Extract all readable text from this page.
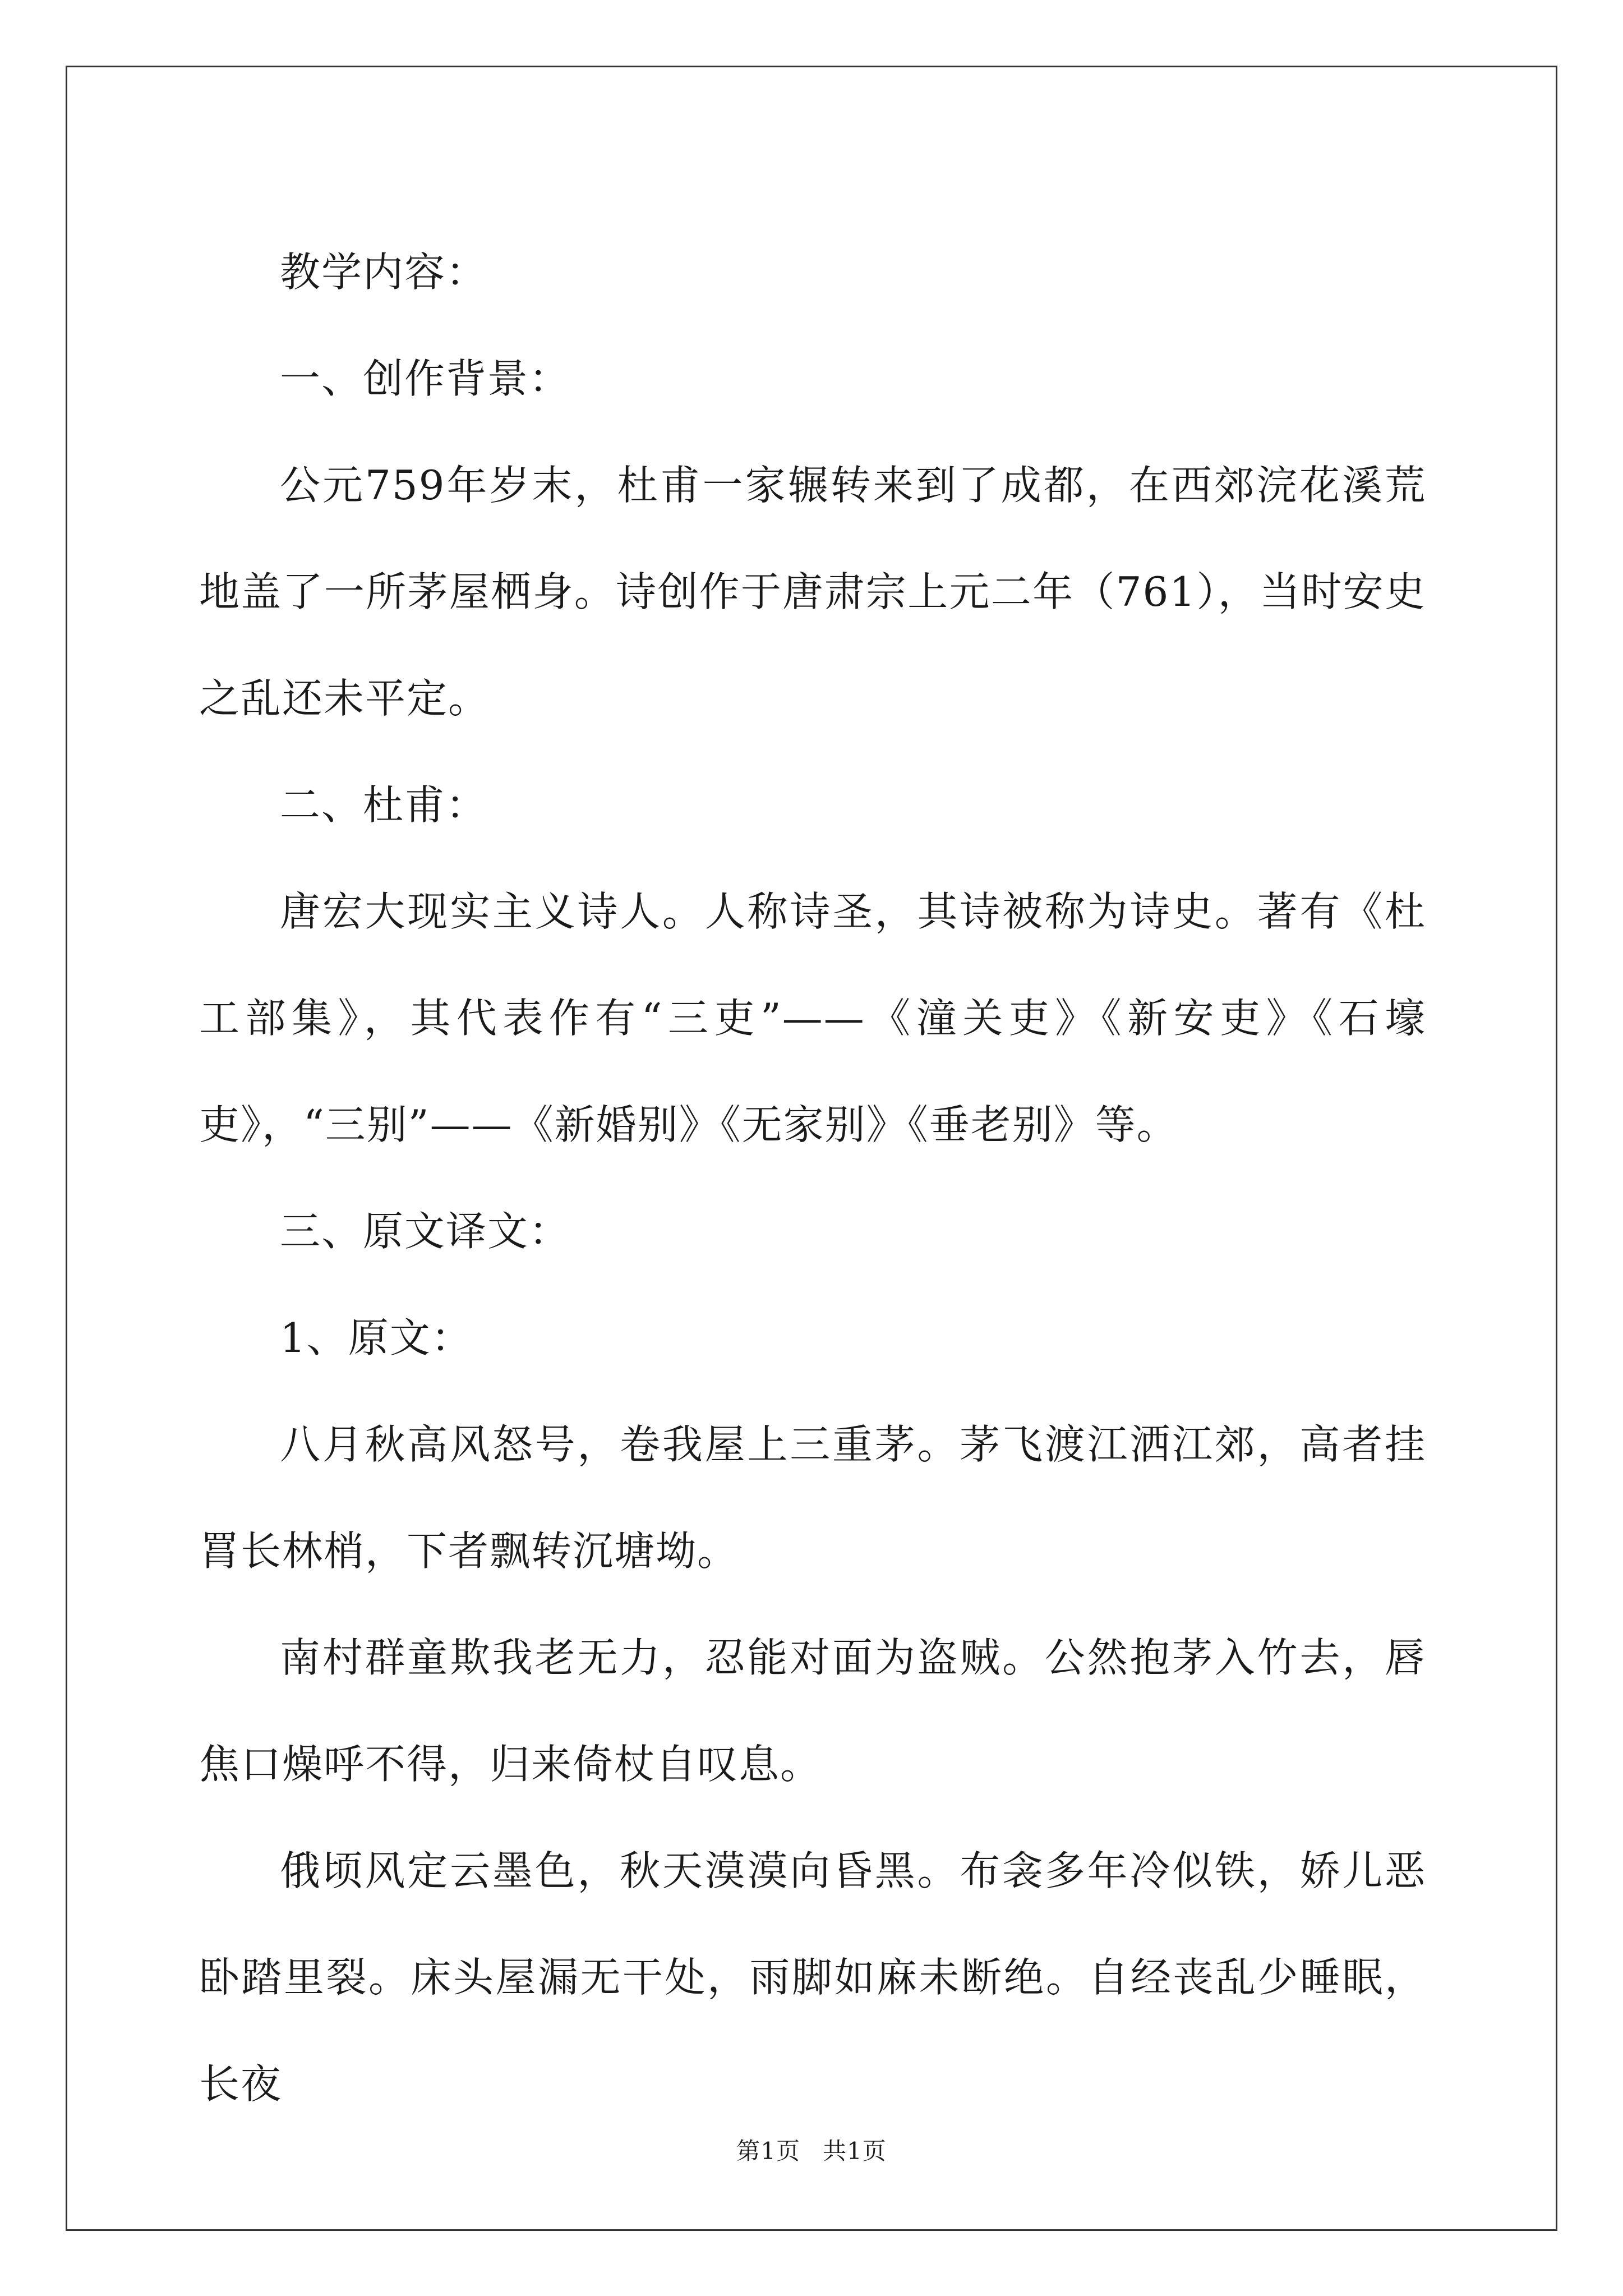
教学内容：

一、创作背景：

公元759年岁末，杜甫一家辗转来到了成都，在西郊浣花溪荒地盖了一所茅屋栖身。诗创作于唐肃宗上元二年（761），当时安史之乱还未平定。

二、杜甫：

唐宏大现实主义诗人。人称诗圣，其诗被称为诗史。著有《杜工部集》，其代表作有“三吏”——《潼关吏》《新安吏》《石壕吏》，“三别”——《新婚别》《无家别》《垂老别》等。

三、原文译文：

1、原文：

八月秋高风怒号，卷我屋上三重茅。茅飞渡江洒江郊，高者挂罥长林梢，下者飘转沉塘坳。

南村群童欺我老无力，忍能对面为盗贼。公然抱茅入竹去，唇焦口燥呼不得，归来倚杖自叹息。

俄顷风定云墨色，秋天漠漠向昏黑。布衾多年冷似铁，娇儿恶卧踏里裂。床头屋漏无干处，雨脚如麻未断绝。自经丧乱少睡眠，长夜

第1页 共1页
